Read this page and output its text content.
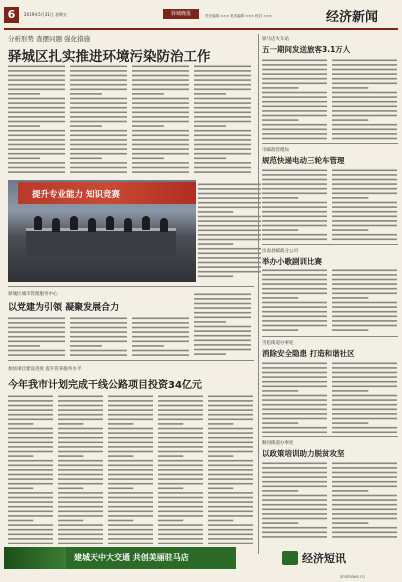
6	2019年5月31日 星期五	驿城晚报	责任编辑 ××× 美术编辑 ××× 校对 ×××	经济新闻
分析形势 查摆问题 强化措施
驿城区扎实推进环境污染防治工作
提升专业能力 知识竞赛
驿城区城市管理服务中心
以党建为引领 凝聚发展合力
加快项目建设进度 提升管养服务水平
今年我市计划完成干线公路项目投资34亿元
驿马店火车站
五一期间发送旅客3.1万人
市邮政管理局
规范快递电动三轮车管理
汝南县邮政分公司
举办小歌剧训比赛
雪松街道办事处
消除安全隐患 打造和谐社区
顺河街道办事处
以政策培训助力脱贫攻坚
建城天中大交通 共创美丽驻马店	经济短讯
zmdnews.cn
